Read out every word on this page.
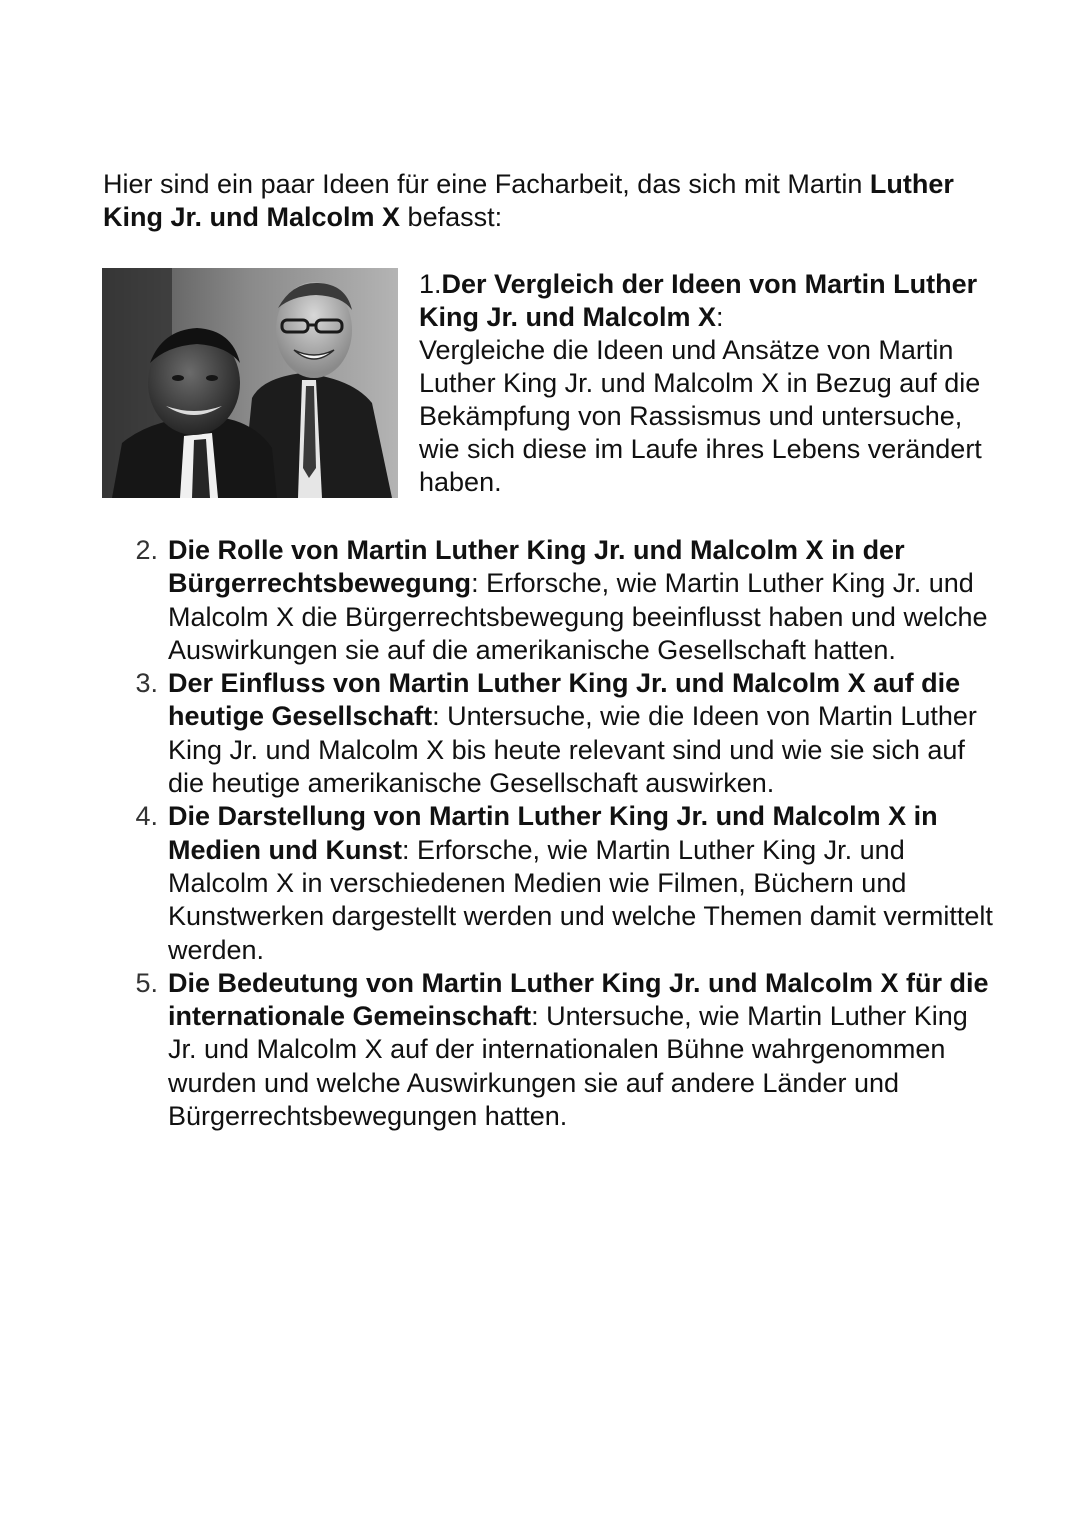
Hier sind ein paar Ideen für eine Facharbeit, das sich mit Martin Luther King Jr. und Malcolm X befasst:
1.Der Vergleich der Ideen von Martin Luther King Jr. und Malcolm X:
Vergleiche die Ideen und Ansätze von Martin Luther King Jr. und Malcolm X in Bezug auf die Bekämpfung von Rassismus und untersuche, wie sich diese im Laufe ihres Lebens verändert haben.
2. Die Rolle von Martin Luther King Jr. und Malcolm X in der Bürgerrechtsbewegung: Erforsche, wie Martin Luther King Jr. und Malcolm X die Bürgerrechtsbewegung beeinflusst haben und welche Auswirkungen sie auf die amerikanische Gesellschaft hatten.
3. Der Einfluss von Martin Luther King Jr. und Malcolm X auf die heutige Gesellschaft: Untersuche, wie die Ideen von Martin Luther King Jr. und Malcolm X bis heute relevant sind und wie sie sich auf die heutige amerikanische Gesellschaft auswirken.
4. Die Darstellung von Martin Luther King Jr. und Malcolm X in Medien und Kunst: Erforsche, wie Martin Luther King Jr. und Malcolm X in verschiedenen Medien wie Filmen, Büchern und Kunstwerken dargestellt werden und welche Themen damit vermittelt werden.
5. Die Bedeutung von Martin Luther King Jr. und Malcolm X für die internationale Gemeinschaft: Untersuche, wie Martin Luther King Jr. und Malcolm X auf der internationalen Bühne wahrgenommen wurden und welche Auswirkungen sie auf andere Länder und Bürgerrechtsbewegungen hatten.
